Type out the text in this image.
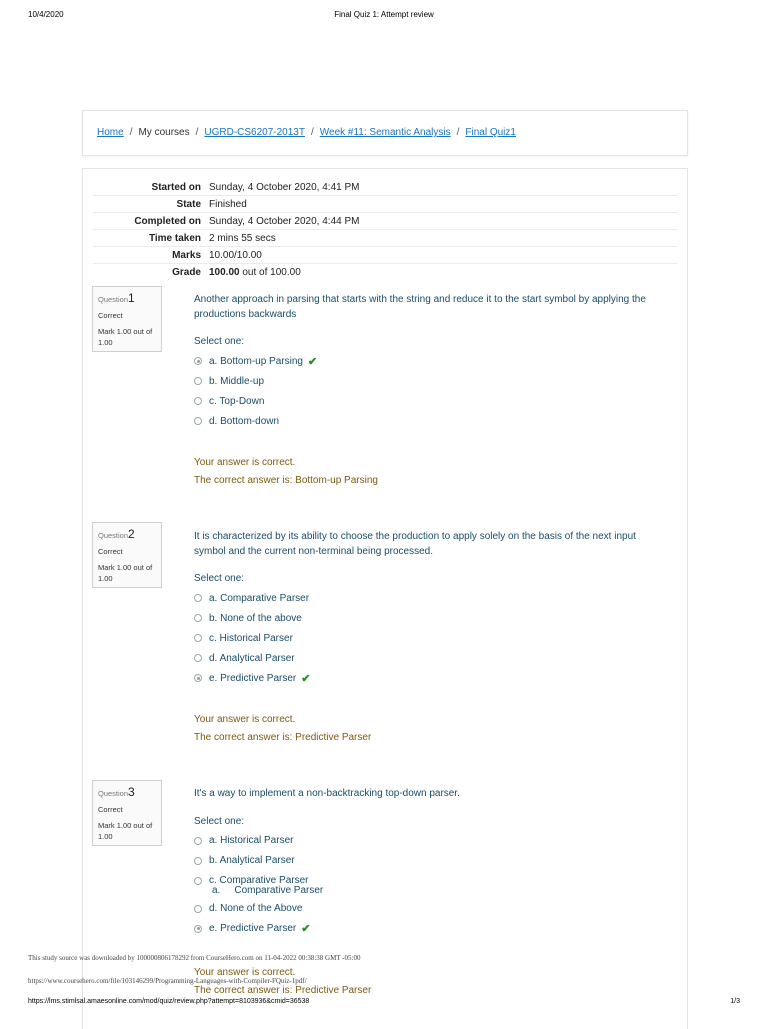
10/4/2020	Final Quiz 1: Attempt review
Home / My courses / UGRD-CS6207-2013T / Week #11: Semantic Analysis / Final Quiz1
Started on	Sunday, 4 October 2020, 4:41 PM
State	Finished
Completed on	Sunday, 4 October 2020, 4:44 PM
Time taken	2 mins 55 secs
Marks	10.00/10.00
Grade	100.00 out of 100.00
Question1
Correct
Mark 1.00 out of 1.00
Another approach in parsing that starts with the string and reduce it to the start symbol by applying the productions backwards
Select one:
a. Bottom-up Parsing ✔
b. Middle-up
c. Top-Down
d. Bottom-down
Your answer is correct.
The correct answer is: Bottom-up Parsing
Question2
Correct
Mark 1.00 out of 1.00
It is characterized by its ability to choose the production to apply solely on the basis of the next input symbol and the current non-terminal being processed.
Select one:
a. Comparative Parser
b. None of the above
c. Historical Parser
d. Analytical Parser
e. Predictive Parser ✔
Your answer is correct.
The correct answer is: Predictive Parser
Question3
Correct
Mark 1.00 out of 1.00
It's a way to implement a non-backtracking top-down parser.
Select one:
a. Historical Parser
b. Analytical Parser
c. Comparative Parser
a. Comparative Parser
d. None of the Above
e. Predictive Parser ✔
Your answer is correct.
The correct answer is: Predictive Parser
This study source was downloaded by 100000806178292 from CourseHero.com on 11-04-2022 00:38:38 GMT -05:00
https://www.coursehero.com/file/103146299/Programming-Languages-with-Compiler-FQuiz-1pdf/
https://lms.stimlsal.amaesonline.com/mod/quiz/review.php?attempt=8103936&cmid=36538	1/3
